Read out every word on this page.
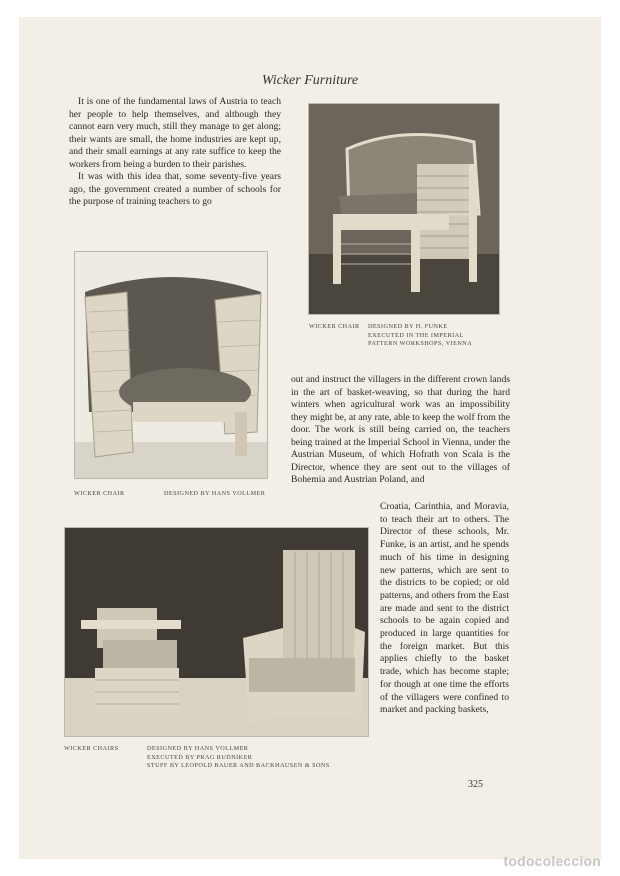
Wicker Furniture

It is one of the fundamental laws of Austria to teach her people to help themselves, and although they cannot earn very much, still they manage to get along; their wants are small, the home industries are kept up, and their small earnings at any rate suffice to keep the workers from being a burden to their parishes.

It was with this idea that, some seventy-five years ago, the government created a number of schools for the purpose of training teachers to go

WICKER CHAIR DESIGNED BY H. FUNKE
EXECUTED IN THE IMPERIAL
PATTERN WORKSHOPS, VIENNA
WICKER CHAIR	DESIGNED BY HANS VOLLMER

out and instruct the villagers in the different crown lands in the art of basket-weaving, so that during the hard winters when agricultural work was an impossibility they might be, at any rate, able to keep the wolf from the door. The work is still being carried on, the teachers being trained at the Imperial School in Vienna, under the Austrian Museum, of which Hofrath von Scala is the Director, whence they are sent out to the villages of Bohemia and Austrian Poland, and

WICKER CHAIRS	DESIGNED BY HANS VOLLMER
EXECUTED BY PRAG RUDNIKER
STUFF BY LEOPOLD BAUER AND BACKHAUSEN & SONS

Croatia, Carinthia, and Moravia, to teach their art to others. The Director of these schools, Mr. Funke, is an artist, and he spends much of his time in designing new patterns, which are sent to the districts to be copied; or old patterns, and others from the East are made and sent to the district schools to be again copied and produced in large quantities for the foreign market. But this applies chiefly to the basket trade, which has become staple; for though at one time the efforts of the villagers were confined to market and packing baskets,

325
todocoleccion
